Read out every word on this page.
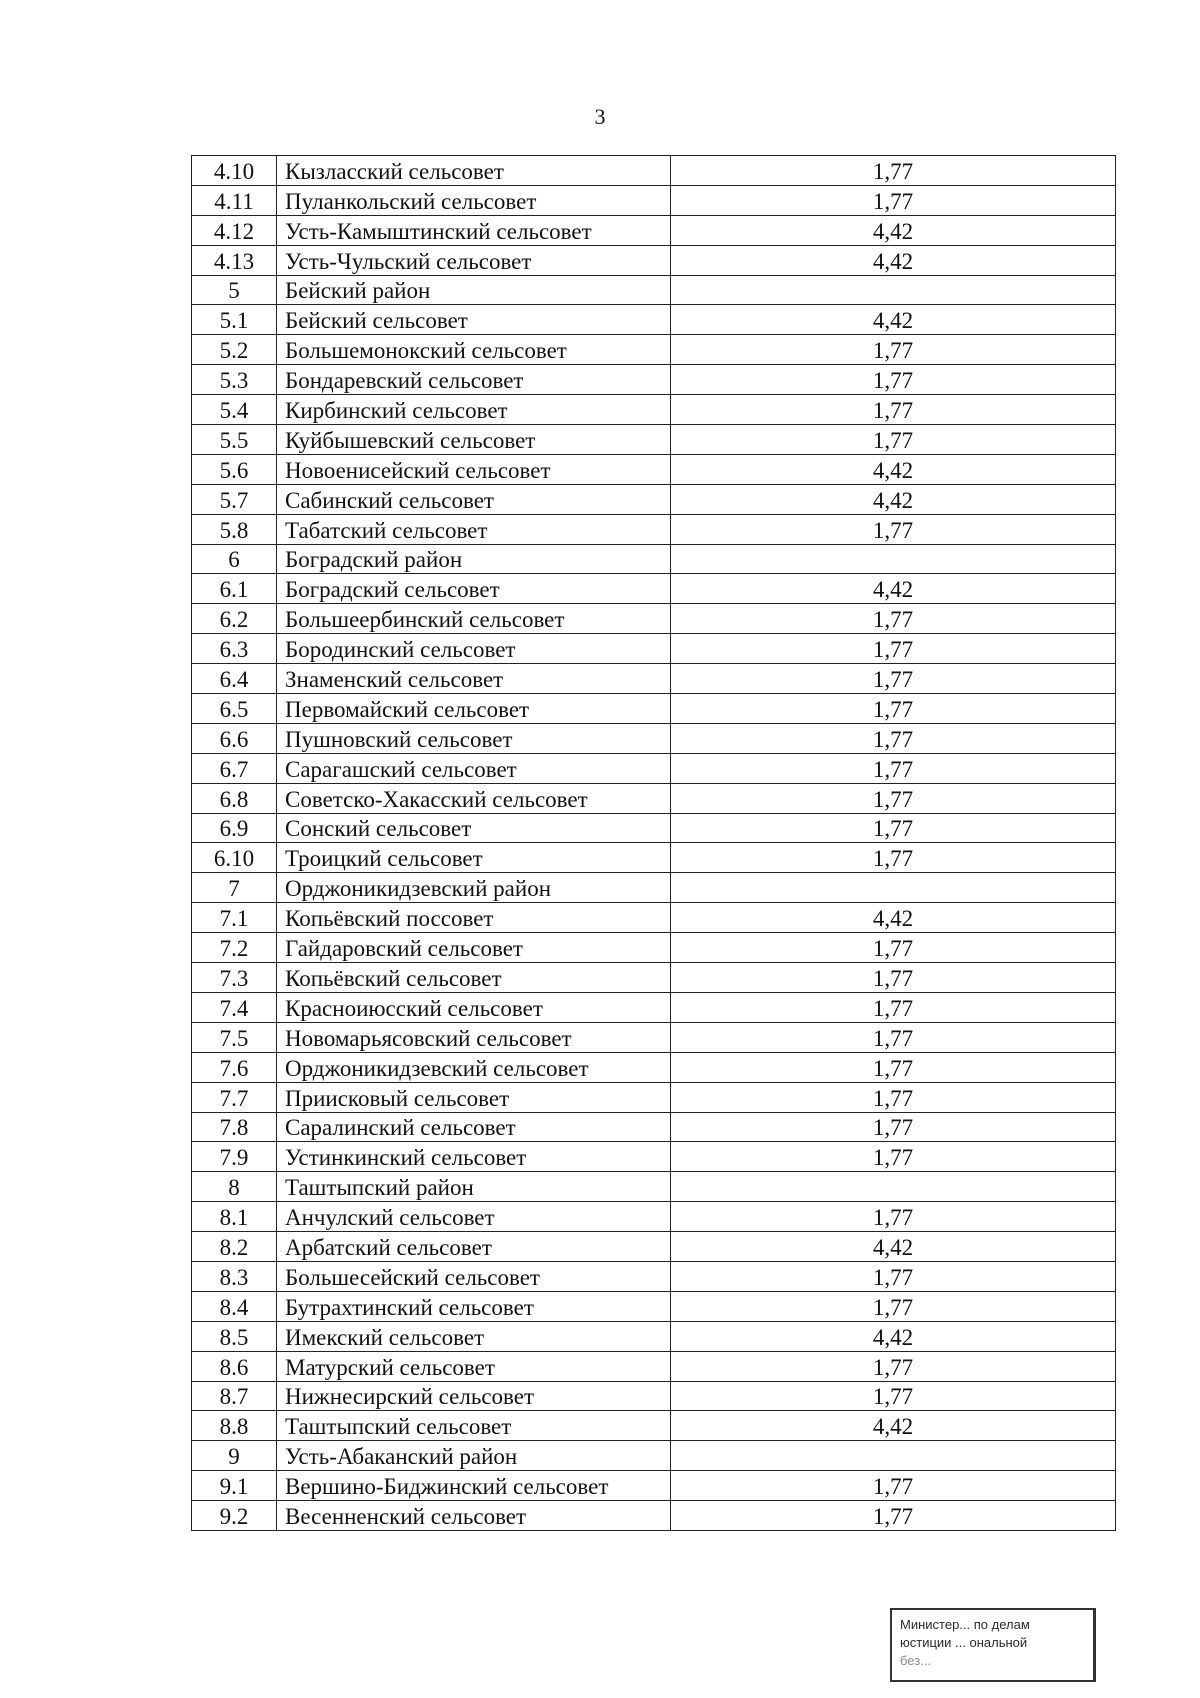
3
4.10	Кызласский сельсовет	1,77
4.11	Пуланкольский сельсовет	1,77
4.12	Усть-Камыштинский сельсовет	4,42
4.13	Усть-Чульский сельсовет	4,42
5	Бейский район	
5.1	Бейский сельсовет	4,42
5.2	Большемонокский сельсовет	1,77
5.3	Бондаревский сельсовет	1,77
5.4	Кирбинский сельсовет	1,77
5.5	Куйбышевский сельсовет	1,77
5.6	Новоенисейский сельсовет	4,42
5.7	Сабинский сельсовет	4,42
5.8	Табатский сельсовет	1,77
6	Боградский район	
6.1	Боградский сельсовет	4,42
6.2	Большеербинский сельсовет	1,77
6.3	Бородинский сельсовет	1,77
6.4	Знаменский сельсовет	1,77
6.5	Первомайский сельсовет	1,77
6.6	Пушновский сельсовет	1,77
6.7	Сарагашский сельсовет	1,77
6.8	Советско-Хакасский сельсовет	1,77
6.9	Сонский сельсовет	1,77
6.10	Троицкий сельсовет	1,77
7	Орджоникидзевский район	
7.1	Копьёвский поссовет	4,42
7.2	Гайдаровский сельсовет	1,77
7.3	Копьёвский сельсовет	1,77
7.4	Красноиюсский сельсовет	1,77
7.5	Новомарьясовский сельсовет	1,77
7.6	Орджоникидзевский сельсовет	1,77
7.7	Приисковый сельсовет	1,77
7.8	Саралинский сельсовет	1,77
7.9	Устинкинский сельсовет	1,77
8	Таштыпский район	
8.1	Анчулский сельсовет	1,77
8.2	Арбатский сельсовет	4,42
8.3	Большесейский сельсовет	1,77
8.4	Бутрахтинский сельсовет	1,77
8.5	Имекский сельсовет	4,42
8.6	Матурский сельсовет	1,77
8.7	Нижнесирский сельсовет	1,77
8.8	Таштыпский сельсовет	4,42
9	Усть-Абаканский район	
9.1	Вершино-Биджинский сельсовет	1,77
9.2	Весенненский сельсовет	1,77
Министер... по делам
юстиции ... ональной
без...
